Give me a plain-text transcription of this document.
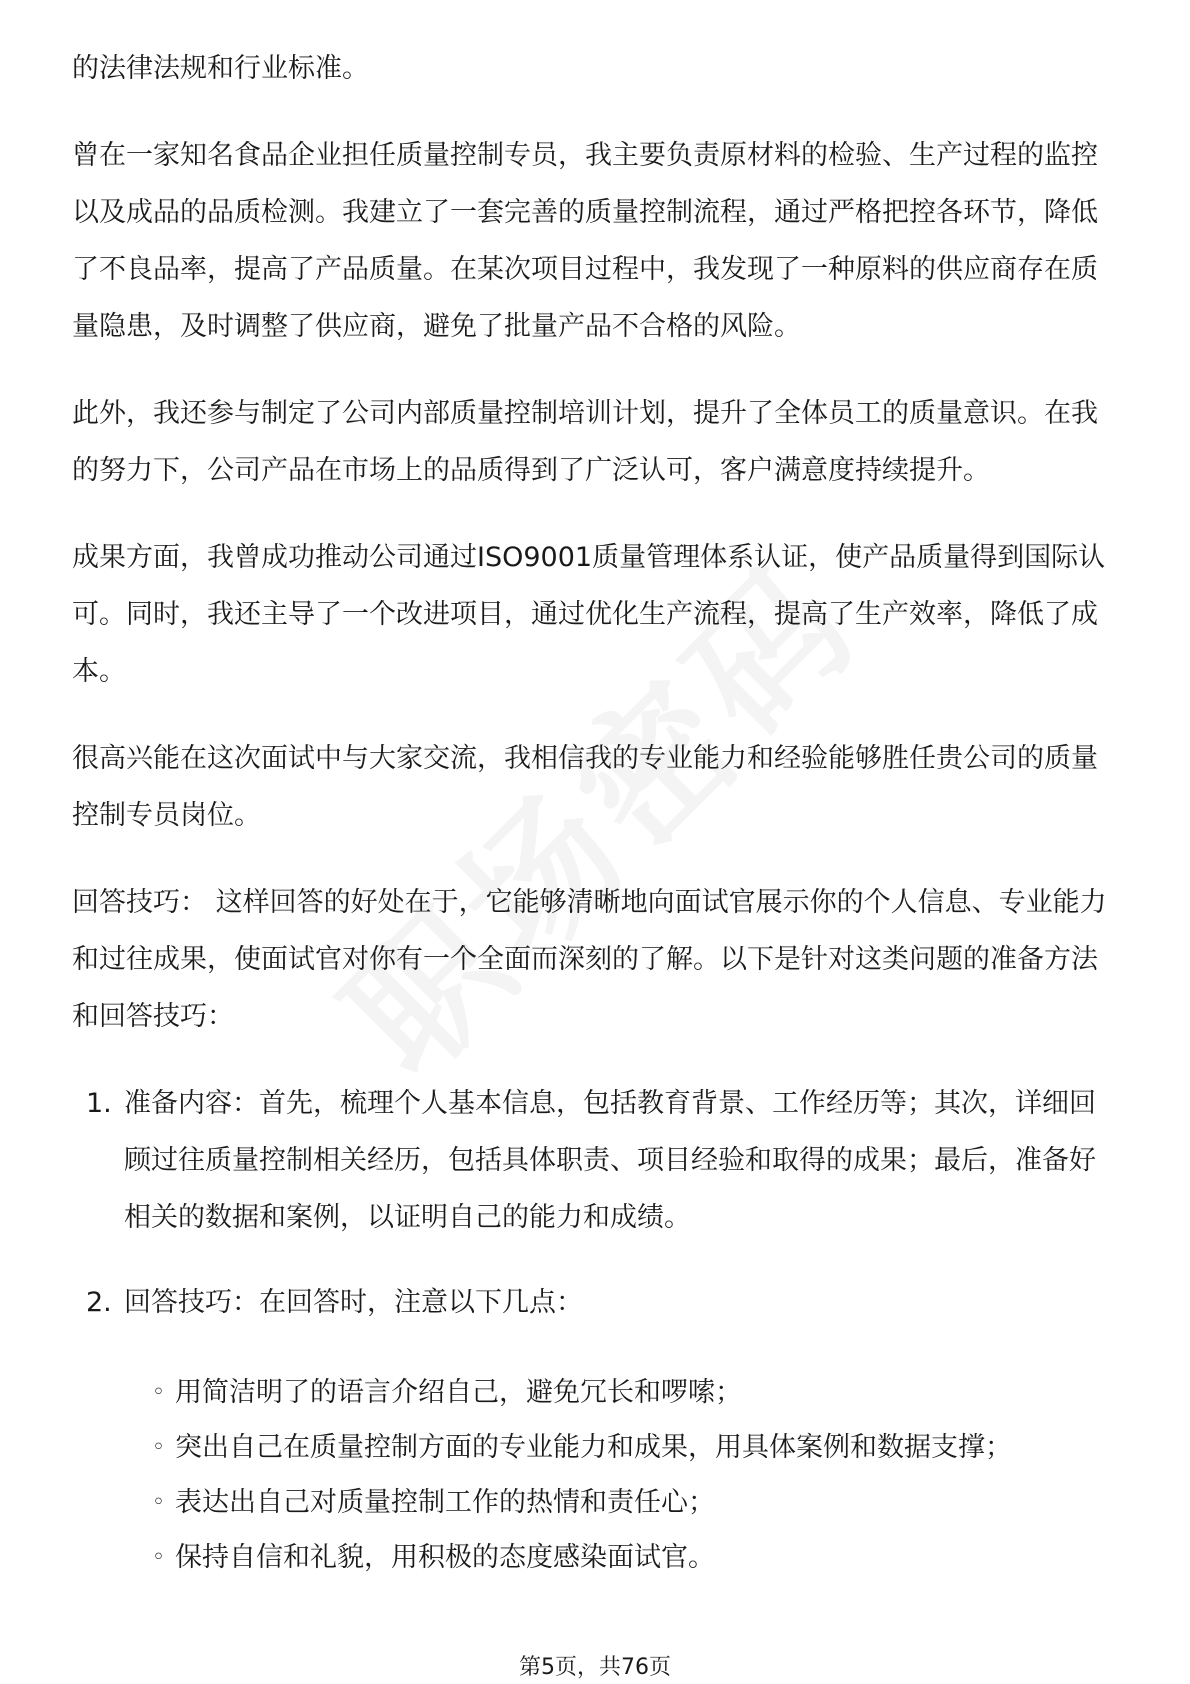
的法律法规和行业标准。

曾在一家知名食品企业担任质量控制专员，我主要负责原材料的检验、生产过程的监控以及成品的品质检测。我建立了一套完善的质量控制流程，通过严格把控各环节，降低了不良品率，提高了产品质量。在某次项目过程中，我发现了一种原料的供应商存在质量隐患，及时调整了供应商，避免了批量产品不合格的风险。

此外，我还参与制定了公司内部质量控制培训计划，提升了全体员工的质量意识。在我的努力下，公司产品在市场上的品质得到了广泛认可，客户满意度持续提升。

成果方面，我曾成功推动公司通过ISO9001质量管理体系认证，使产品质量得到国际认可。同时，我还主导了一个改进项目，通过优化生产流程，提高了生产效率，降低了成本。

很高兴能在这次面试中与大家交流，我相信我的专业能力和经验能够胜任贵公司的质量控制专员岗位。

回答技巧： 这样回答的好处在于，它能够清晰地向面试官展示你的个人信息、专业能力和过往成果，使面试官对你有一个全面而深刻的了解。以下是针对这类问题的准备方法和回答技巧：

1. 准备内容：首先，梳理个人基本信息，包括教育背景、工作经历等；其次，详细回顾过往质量控制相关经历，包括具体职责、项目经验和取得的成果；最后，准备好相关的数据和案例，以证明自己的能力和成绩。
2. 回答技巧：在回答时，注意以下几点：
◦ 用简洁明了的语言介绍自己，避免冗长和啰嗦；
◦ 突出自己在质量控制方面的专业能力和成果，用具体案例和数据支撑；
◦ 表达出自己对质量控制工作的热情和责任心；
◦ 保持自信和礼貌，用积极的态度感染面试官。
第5页，共76页
